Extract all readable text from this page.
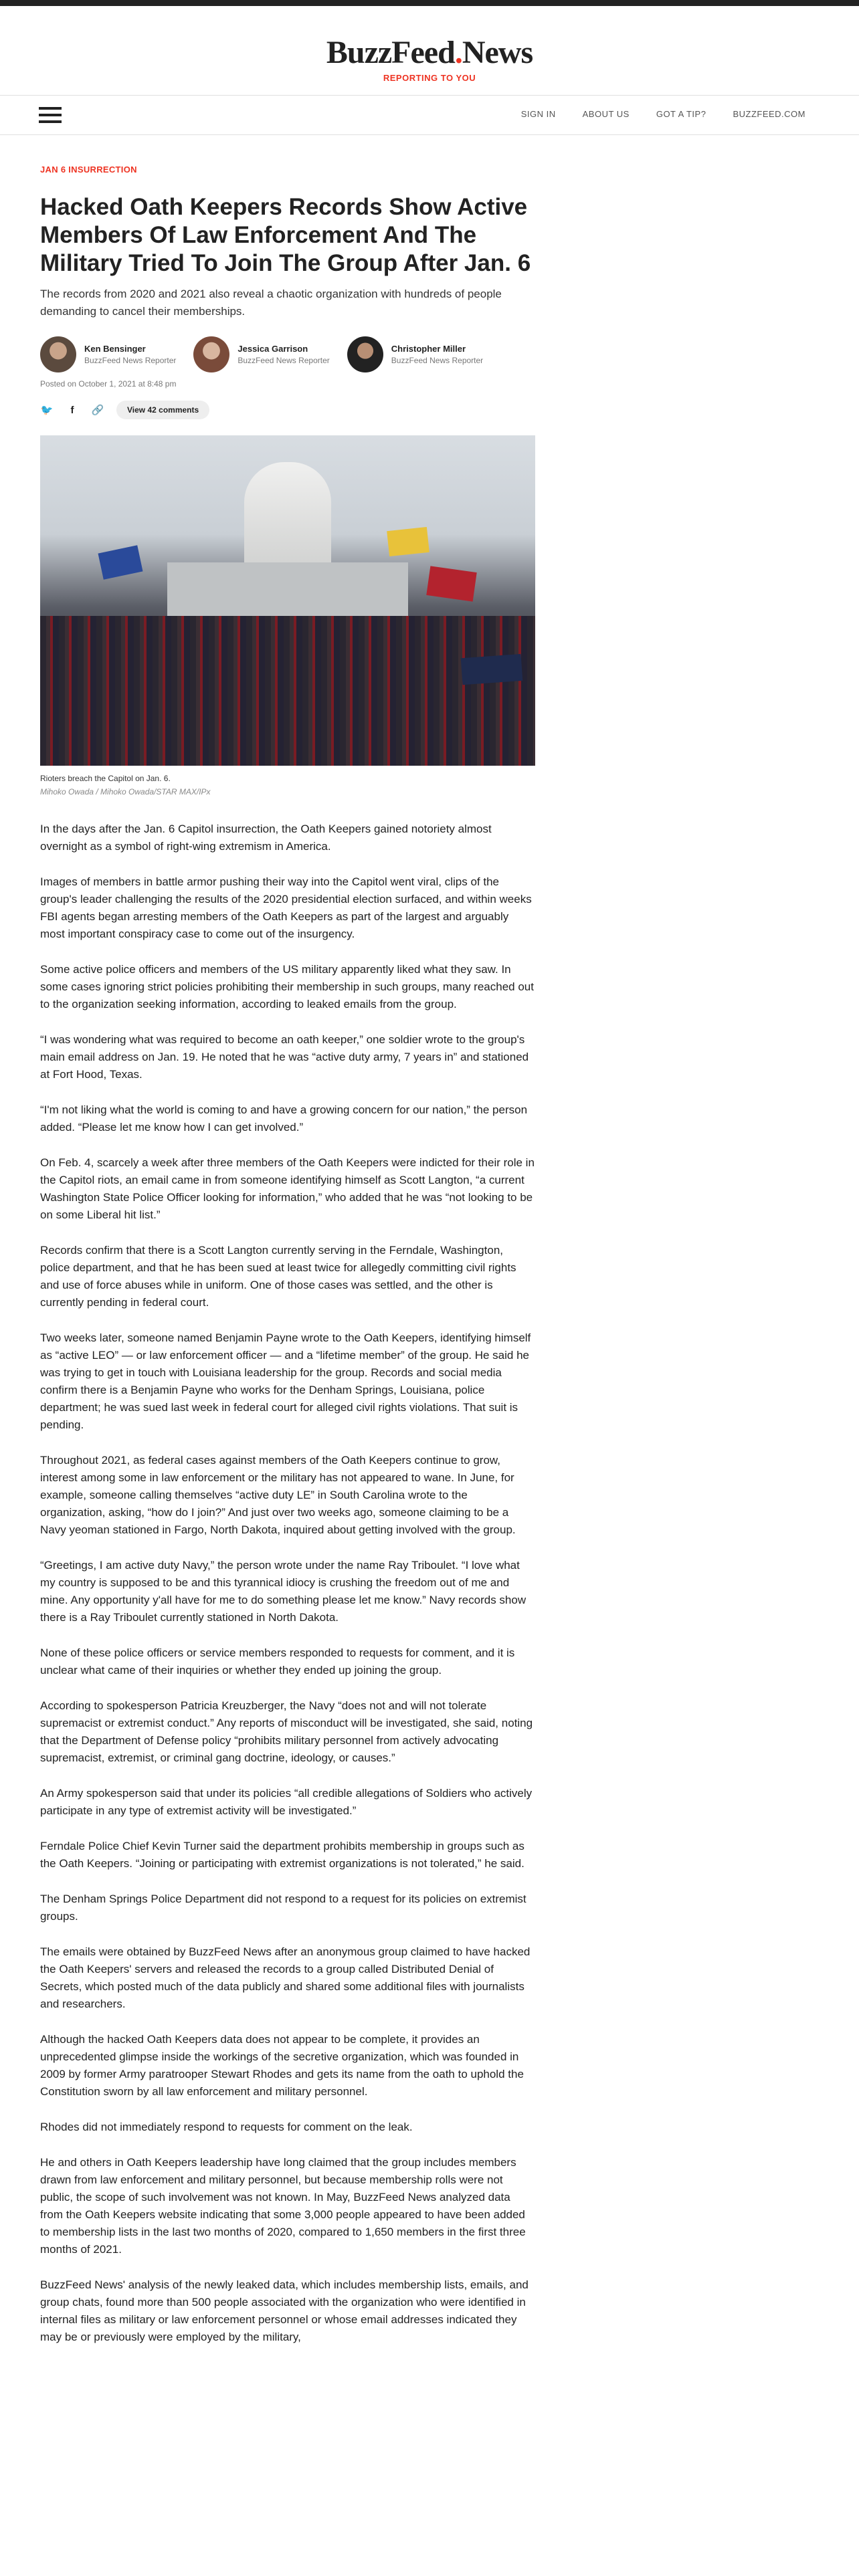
BuzzFeed.News
REPORTING TO YOU
SIGN IN	ABOUT US	GOT A TIP?	BUZZFEED.COM
JAN 6 INSURRECTION
Hacked Oath Keepers Records Show Active Members Of Law Enforcement And The Military Tried To Join The Group After Jan. 6

The records from 2020 and 2021 also reveal a chaotic organization with hundreds of people demanding to cancel their memberships.

Ken Bensinger
BuzzFeed News Reporter
Jessica Garrison
BuzzFeed News Reporter
Christopher Miller
BuzzFeed News Reporter
Posted on October 1, 2021 at 8:48 pm
🐦	f	🔗	View 42 comments
Rioters breach the Capitol on Jan. 6.
Mihoko Owada / Mihoko Owada/STAR MAX/IPx

In the days after the Jan. 6 Capitol insurrection, the Oath Keepers gained notoriety almost overnight as a symbol of right-wing extremism in America.

Images of members in battle armor pushing their way into the Capitol went viral, clips of the group's leader challenging the results of the 2020 presidential election surfaced, and within weeks FBI agents began arresting members of the Oath Keepers as part of the largest and arguably most important conspiracy case to come out of the insurgency.

Some active police officers and members of the US military apparently liked what they saw. In some cases ignoring strict policies prohibiting their membership in such groups, many reached out to the organization seeking information, according to leaked emails from the group.

“I was wondering what was required to become an oath keeper,” one soldier wrote to the group's main email address on Jan. 19. He noted that he was “active duty army, 7 years in” and stationed at Fort Hood, Texas.

“I'm not liking what the world is coming to and have a growing concern for our nation,” the person added. “Please let me know how I can get involved.”

On Feb. 4, scarcely a week after three members of the Oath Keepers were indicted for their role in the Capitol riots, an email came in from someone identifying himself as Scott Langton, “a current Washington State Police Officer looking for information,” who added that he was “not looking to be on some Liberal hit list.”

Records confirm that there is a Scott Langton currently serving in the Ferndale, Washington, police department, and that he has been sued at least twice for allegedly committing civil rights and use of force abuses while in uniform. One of those cases was settled, and the other is currently pending in federal court.

Two weeks later, someone named Benjamin Payne wrote to the Oath Keepers, identifying himself as “active LEO” — or law enforcement officer — and a “lifetime member” of the group. He said he was trying to get in touch with Louisiana leadership for the group. Records and social media confirm there is a Benjamin Payne who works for the Denham Springs, Louisiana, police department; he was sued last week in federal court for alleged civil rights violations. That suit is pending.

Throughout 2021, as federal cases against members of the Oath Keepers continue to grow, interest among some in law enforcement or the military has not appeared to wane. In June, for example, someone calling themselves “active duty LE” in South Carolina wrote to the organization, asking, “how do I join?” And just over two weeks ago, someone claiming to be a Navy yeoman stationed in Fargo, North Dakota, inquired about getting involved with the group.

“Greetings, I am active duty Navy,” the person wrote under the name Ray Triboulet. “I love what my country is supposed to be and this tyrannical idiocy is crushing the freedom out of me and mine. Any opportunity y'all have for me to do something please let me know.” Navy records show there is a Ray Triboulet currently stationed in North Dakota.

None of these police officers or service members responded to requests for comment, and it is unclear what came of their inquiries or whether they ended up joining the group.

According to spokesperson Patricia Kreuzberger, the Navy “does not and will not tolerate supremacist or extremist conduct.” Any reports of misconduct will be investigated, she said, noting that the Department of Defense policy “prohibits military personnel from actively advocating supremacist, extremist, or criminal gang doctrine, ideology, or causes.”

An Army spokesperson said that under its policies “all credible allegations of Soldiers who actively participate in any type of extremist activity will be investigated.”

Ferndale Police Chief Kevin Turner said the department prohibits membership in groups such as the Oath Keepers. “Joining or participating with extremist organizations is not tolerated,” he said.

The Denham Springs Police Department did not respond to a request for its policies on extremist groups.

The emails were obtained by BuzzFeed News after an anonymous group claimed to have hacked the Oath Keepers' servers and released the records to a group called Distributed Denial of Secrets, which posted much of the data publicly and shared some additional files with journalists and researchers.

Although the hacked Oath Keepers data does not appear to be complete, it provides an unprecedented glimpse inside the workings of the secretive organization, which was founded in 2009 by former Army paratrooper Stewart Rhodes and gets its name from the oath to uphold the Constitution sworn by all law enforcement and military personnel.

Rhodes did not immediately respond to requests for comment on the leak.

He and others in Oath Keepers leadership have long claimed that the group includes members drawn from law enforcement and military personnel, but because membership rolls were not public, the scope of such involvement was not known. In May, BuzzFeed News analyzed data from the Oath Keepers website indicating that some 3,000 people appeared to have been added to membership lists in the last two months of 2020, compared to 1,650 members in the first three months of 2021.

BuzzFeed News' analysis of the newly leaked data, which includes membership lists, emails, and group chats, found more than 500 people associated with the organization who were identified in internal files as military or law enforcement personnel or whose email addresses indicated they may be or previously were employed by the military,
